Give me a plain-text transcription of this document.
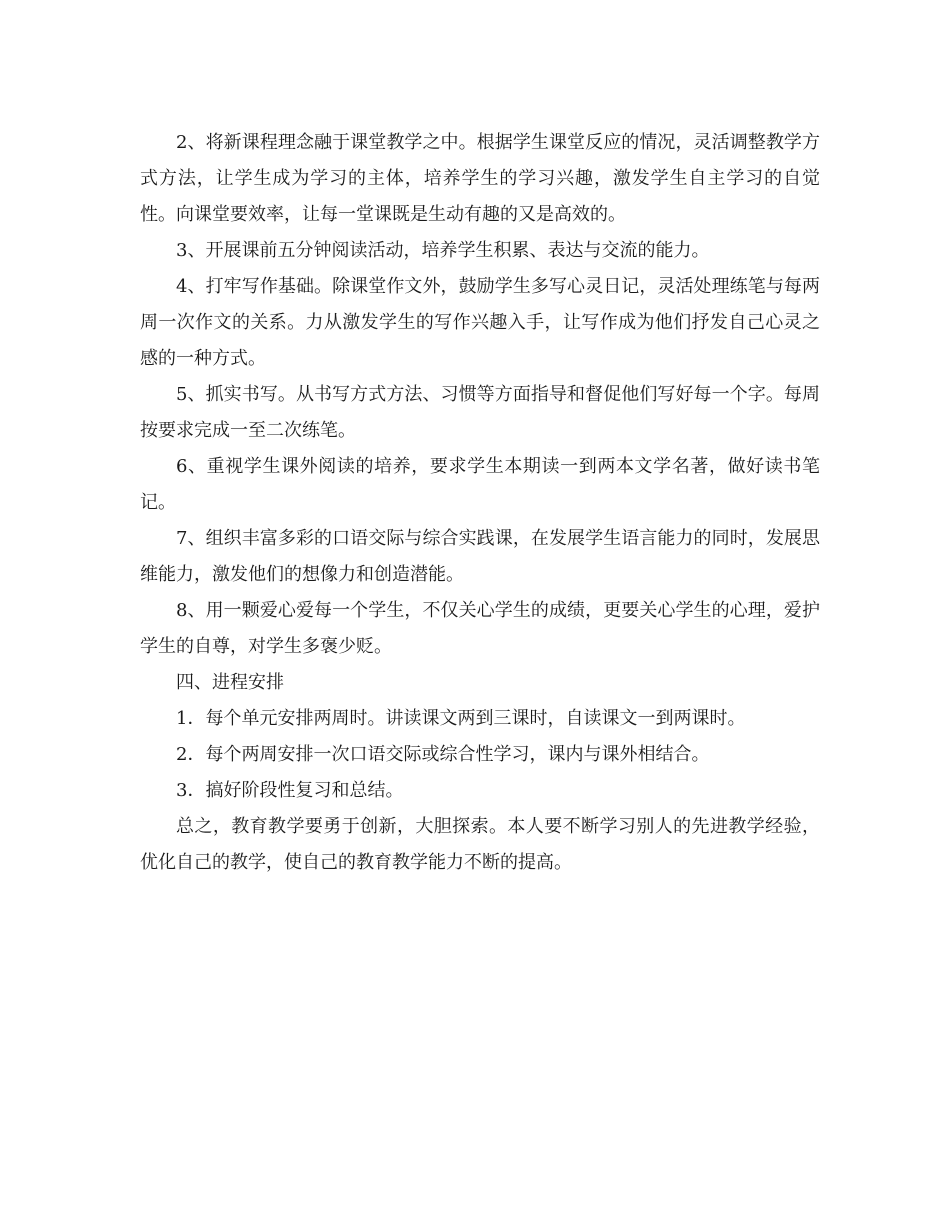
2、将新课程理念融于课堂教学之中。根据学生课堂反应的情况，灵活调整教学方式方法，让学生成为学习的主体，培养学生的学习兴趣，激发学生自主学习的自觉性。向课堂要效率，让每一堂课既是生动有趣的又是高效的。

3、开展课前五分钟阅读活动，培养学生积累、表达与交流的能力。

4、打牢写作基础。除课堂作文外，鼓励学生多写心灵日记，灵活处理练笔与每两周一次作文的关系。力从激发学生的写作兴趣入手，让写作成为他们抒发自己心灵之感的一种方式。

5、抓实书写。从书写方式方法、习惯等方面指导和督促他们写好每一个字。每周按要求完成一至二次练笔。

6、重视学生课外阅读的培养，要求学生本期读一到两本文学名著，做好读书笔记。

7、组织丰富多彩的口语交际与综合实践课，在发展学生语言能力的同时，发展思维能力，激发他们的想像力和创造潜能。

8、用一颗爱心爱每一个学生，不仅关心学生的成绩，更要关心学生的心理，爱护学生的自尊，对学生多褒少贬。

四、进程安排

1．每个单元安排两周时。讲读课文两到三课时，自读课文一到两课时。

2．每个两周安排一次口语交际或综合性学习，课内与课外相结合。

3．搞好阶段性复习和总结。

总之，教育教学要勇于创新，大胆探索。本人要不断学习别人的先进教学经验，优化自己的教学，使自己的教育教学能力不断的提高。
